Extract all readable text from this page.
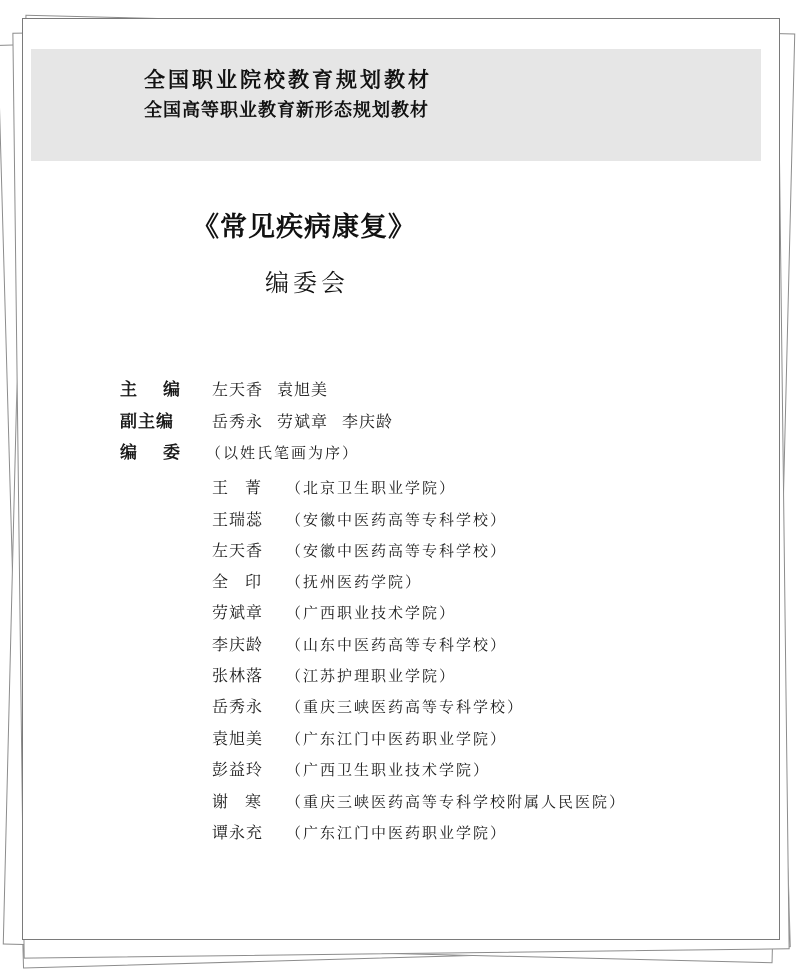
全国职业院校教育规划教材
全国高等职业教育新形态规划教材
《常见疾病康复》
编委会
主编 左天香 袁旭美
副主编 岳秀永 劳斌章 李庆龄
编委 （以姓氏笔画为序）
王菁 （北京卫生职业学院）
王瑞蕊 （安徽中医药高等专科学校）
左天香 （安徽中医药高等专科学校）
全印 （抚州医药学院）
劳斌章 （广西职业技术学院）
李庆龄 （山东中医药高等专科学校）
张林落 （江苏护理职业学院）
岳秀永 （重庆三峡医药高等专科学校）
袁旭美 （广东江门中医药职业学院）
彭益玲 （广西卫生职业技术学院）
谢寒 （重庆三峡医药高等专科学校附属人民医院）
谭永充 （广东江门中医药职业学院）
